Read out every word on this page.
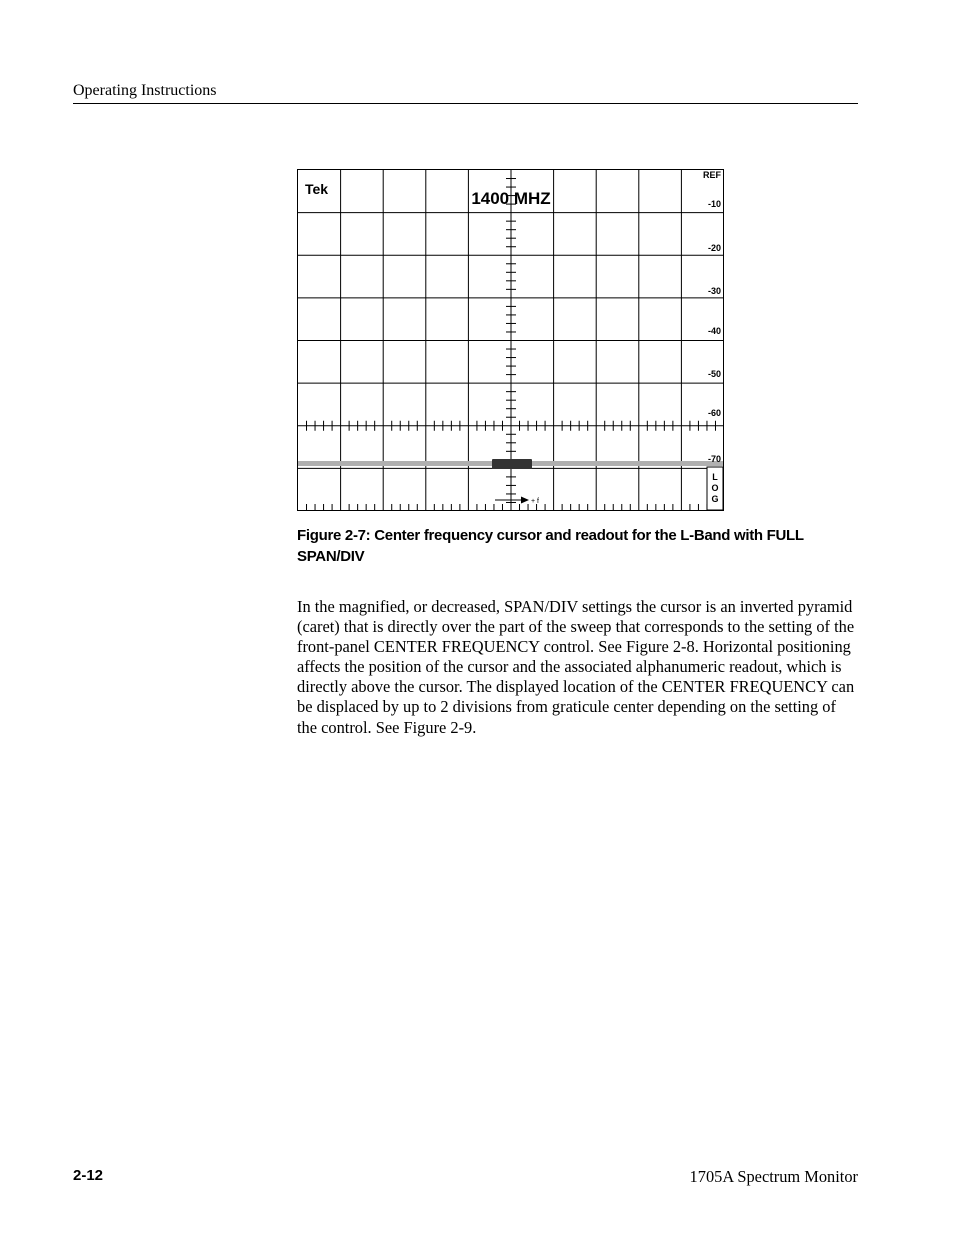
Operating Instructions
Tek	1400 MHZ
REF
-10
-20
-30
-40
-50
-60
-70
L
O
G
+ f
Figure 2-7: Center frequency cursor and readout for the L-Band with FULL
SPAN/DIV
In the magnified, or decreased, SPAN/DIV settings the cursor is an inverted pyramid (caret) that is directly over the part of the sweep that corresponds to the setting of the front-panel CENTER FREQUENCY control. See Figure 2-8. Horizontal positioning affects the position of the cursor and the associated alphanumeric readout, which is directly above the cursor. The displayed location of the CENTER FREQUENCY can be displaced by up to 2 divisions from graticule center depending on the setting of the control. See Figure 2-9.
2-12	1705A Spectrum Monitor
